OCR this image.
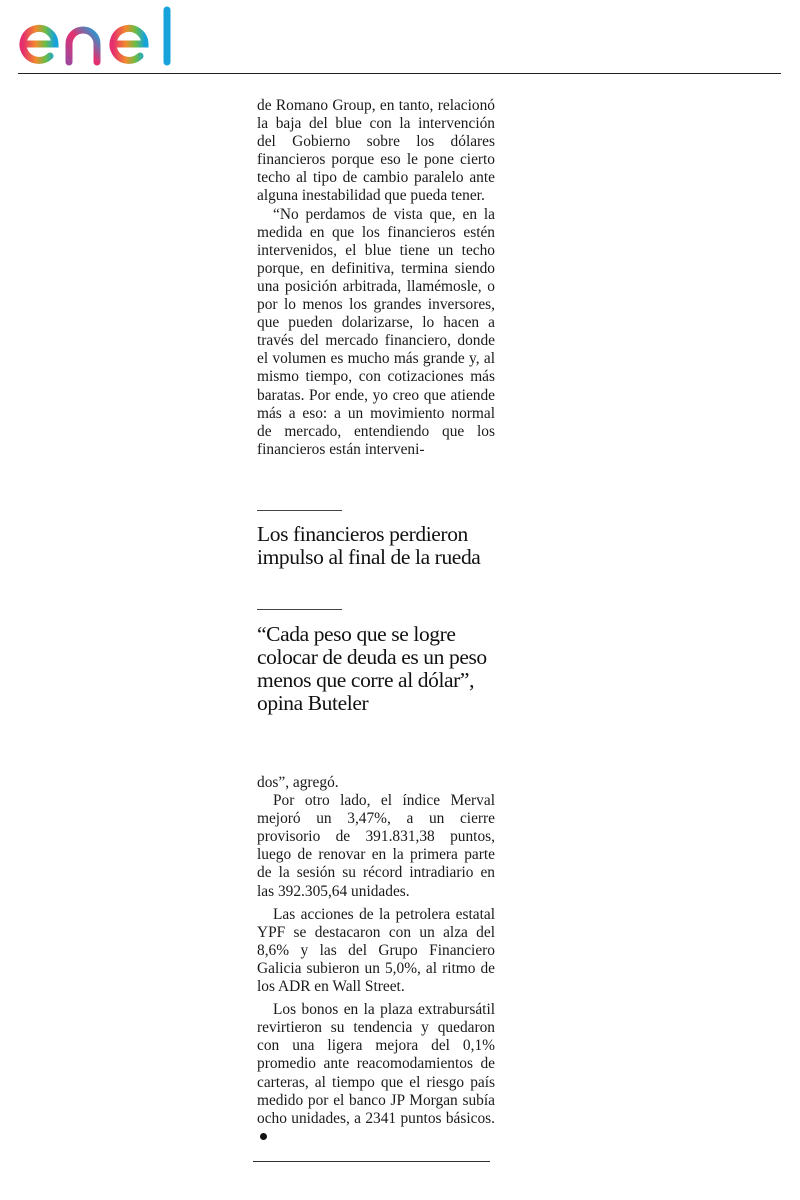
de Romano Group, en tanto, relacionó la baja del blue con la intervención del Gobierno sobre los dólares financieros porque eso le pone cierto techo al tipo de cambio paralelo ante alguna inestabilidad que pueda tener.

“No perdamos de vista que, en la medida en que los financieros estén intervenidos, el blue tiene un techo porque, en definitiva, termina siendo una posición arbitrada, llamémosle, o por lo menos los grandes inversores, que pueden dolarizarse, lo hacen a través del mercado financiero, donde el volumen es mucho más grande y, al mismo tiempo, con cotizaciones más baratas. Por ende, yo creo que atiende más a eso: a un movimiento normal de mercado, entendiendo que los financieros están interveni-

Los financieros perdieron impulso al final de la rueda
“Cada peso que se logre colocar de deuda es un peso menos que corre al dólar”, opina Buteler

dos”, agregó.

Por otro lado, el índice Merval mejoró un 3,47%, a un cierre provisorio de 391.831,38 puntos, luego de renovar en la primera parte de la sesión su récord intradiario en las 392.305,64 unidades.

Las acciones de la petrolera estatal YPF se destacaron con un alza del 8,6% y las del Grupo Financiero Galicia subieron un 5,0%, al ritmo de los ADR en Wall Street.

Los bonos en la plaza extrabursátil revirtieron su tendencia y quedaron con una ligera mejora del 0,1% promedio ante reacomodamientos de carteras, al tiempo que el riesgo país medido por el banco JP Morgan subía ocho unidades, a 2341 puntos básicos.
